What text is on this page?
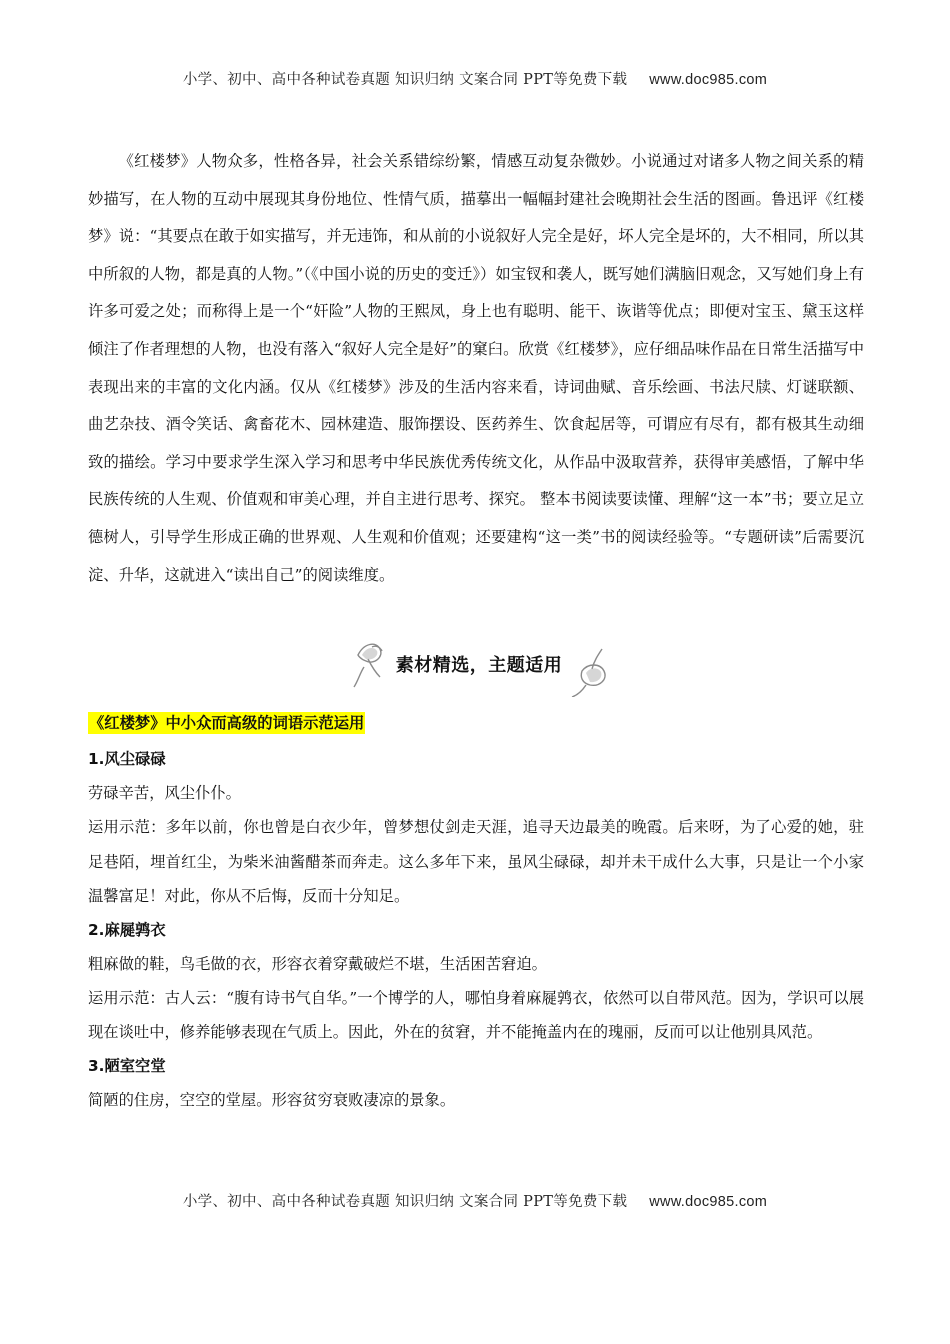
小学、初中、高中各种试卷真题 知识归纳 文案合同 PPT等免费下载 www.doc985.com

《红楼梦》人物众多，性格各异，社会关系错综纷繁，情感互动复杂微妙。小说通过对诸多人物之间关系的精妙描写，在人物的互动中展现其身份地位、性情气质，描摹出一幅幅封建社会晚期社会生活的图画。鲁迅评《红楼梦》说：“其要点在敢于如实描写，并无违饰，和从前的小说叙好人完全是好，坏人完全是坏的，大不相同，所以其中所叙的人物，都是真的人物。”（《中国小说的历史的变迁》）如宝钗和袭人，既写她们满脑旧观念，又写她们身上有许多可爱之处；而称得上是一个“奸险”人物的王熙凤，身上也有聪明、能干、诙谐等优点；即便对宝玉、黛玉这样倾注了作者理想的人物，也没有落入“叙好人完全是好”的窠臼。欣赏《红楼梦》，应仔细品味作品在日常生活描写中表现出来的丰富的文化内涵。仅从《红楼梦》涉及的生活内容来看，诗词曲赋、音乐绘画、书法尺牍、灯谜联额、曲艺杂技、酒令笑话、禽畜花木、园林建造、服饰摆设、医药养生、饮食起居等，可谓应有尽有，都有极其生动细致的描绘。学习中要求学生深入学习和思考中华民族优秀传统文化，从作品中汲取营养，获得审美感悟，了解中华民族传统的人生观、价值观和审美心理，并自主进行思考、探究。 整本书阅读要读懂、理解“这一本”书；要立足立德树人，引导学生形成正确的世界观、人生观和价值观；还要建构“这一类”书的阅读经验等。“专题研读”后需要沉淀、升华，这就进入“读出自己”的阅读维度。

素材精选，主题适用
《红楼梦》中小众而高级的词语示范运用

1.风尘碌碌

劳碌辛苦，风尘仆仆。

运用示范：多年以前，你也曾是白衣少年，曾梦想仗剑走天涯，追寻天边最美的晚霞。后来呀，为了心爱的她，驻足巷陌，埋首红尘，为柴米油酱醋茶而奔走。这么多年下来，虽风尘碌碌，却并未干成什么大事，只是让一个小家温馨富足！对此，你从不后悔，反而十分知足。

2.麻屣鹑衣

粗麻做的鞋，鸟毛做的衣，形容衣着穿戴破烂不堪，生活困苦窘迫。

运用示范：古人云：“腹有诗书气自华。”一个博学的人，哪怕身着麻屣鹑衣，依然可以自带风范。因为，学识可以展现在谈吐中，修养能够表现在气质上。因此，外在的贫窘，并不能掩盖内在的瑰丽，反而可以让他别具风范。

3.陋室空堂

简陋的住房，空空的堂屋。形容贫穷衰败凄凉的景象。

小学、初中、高中各种试卷真题 知识归纳 文案合同 PPT等免费下载 www.doc985.com
